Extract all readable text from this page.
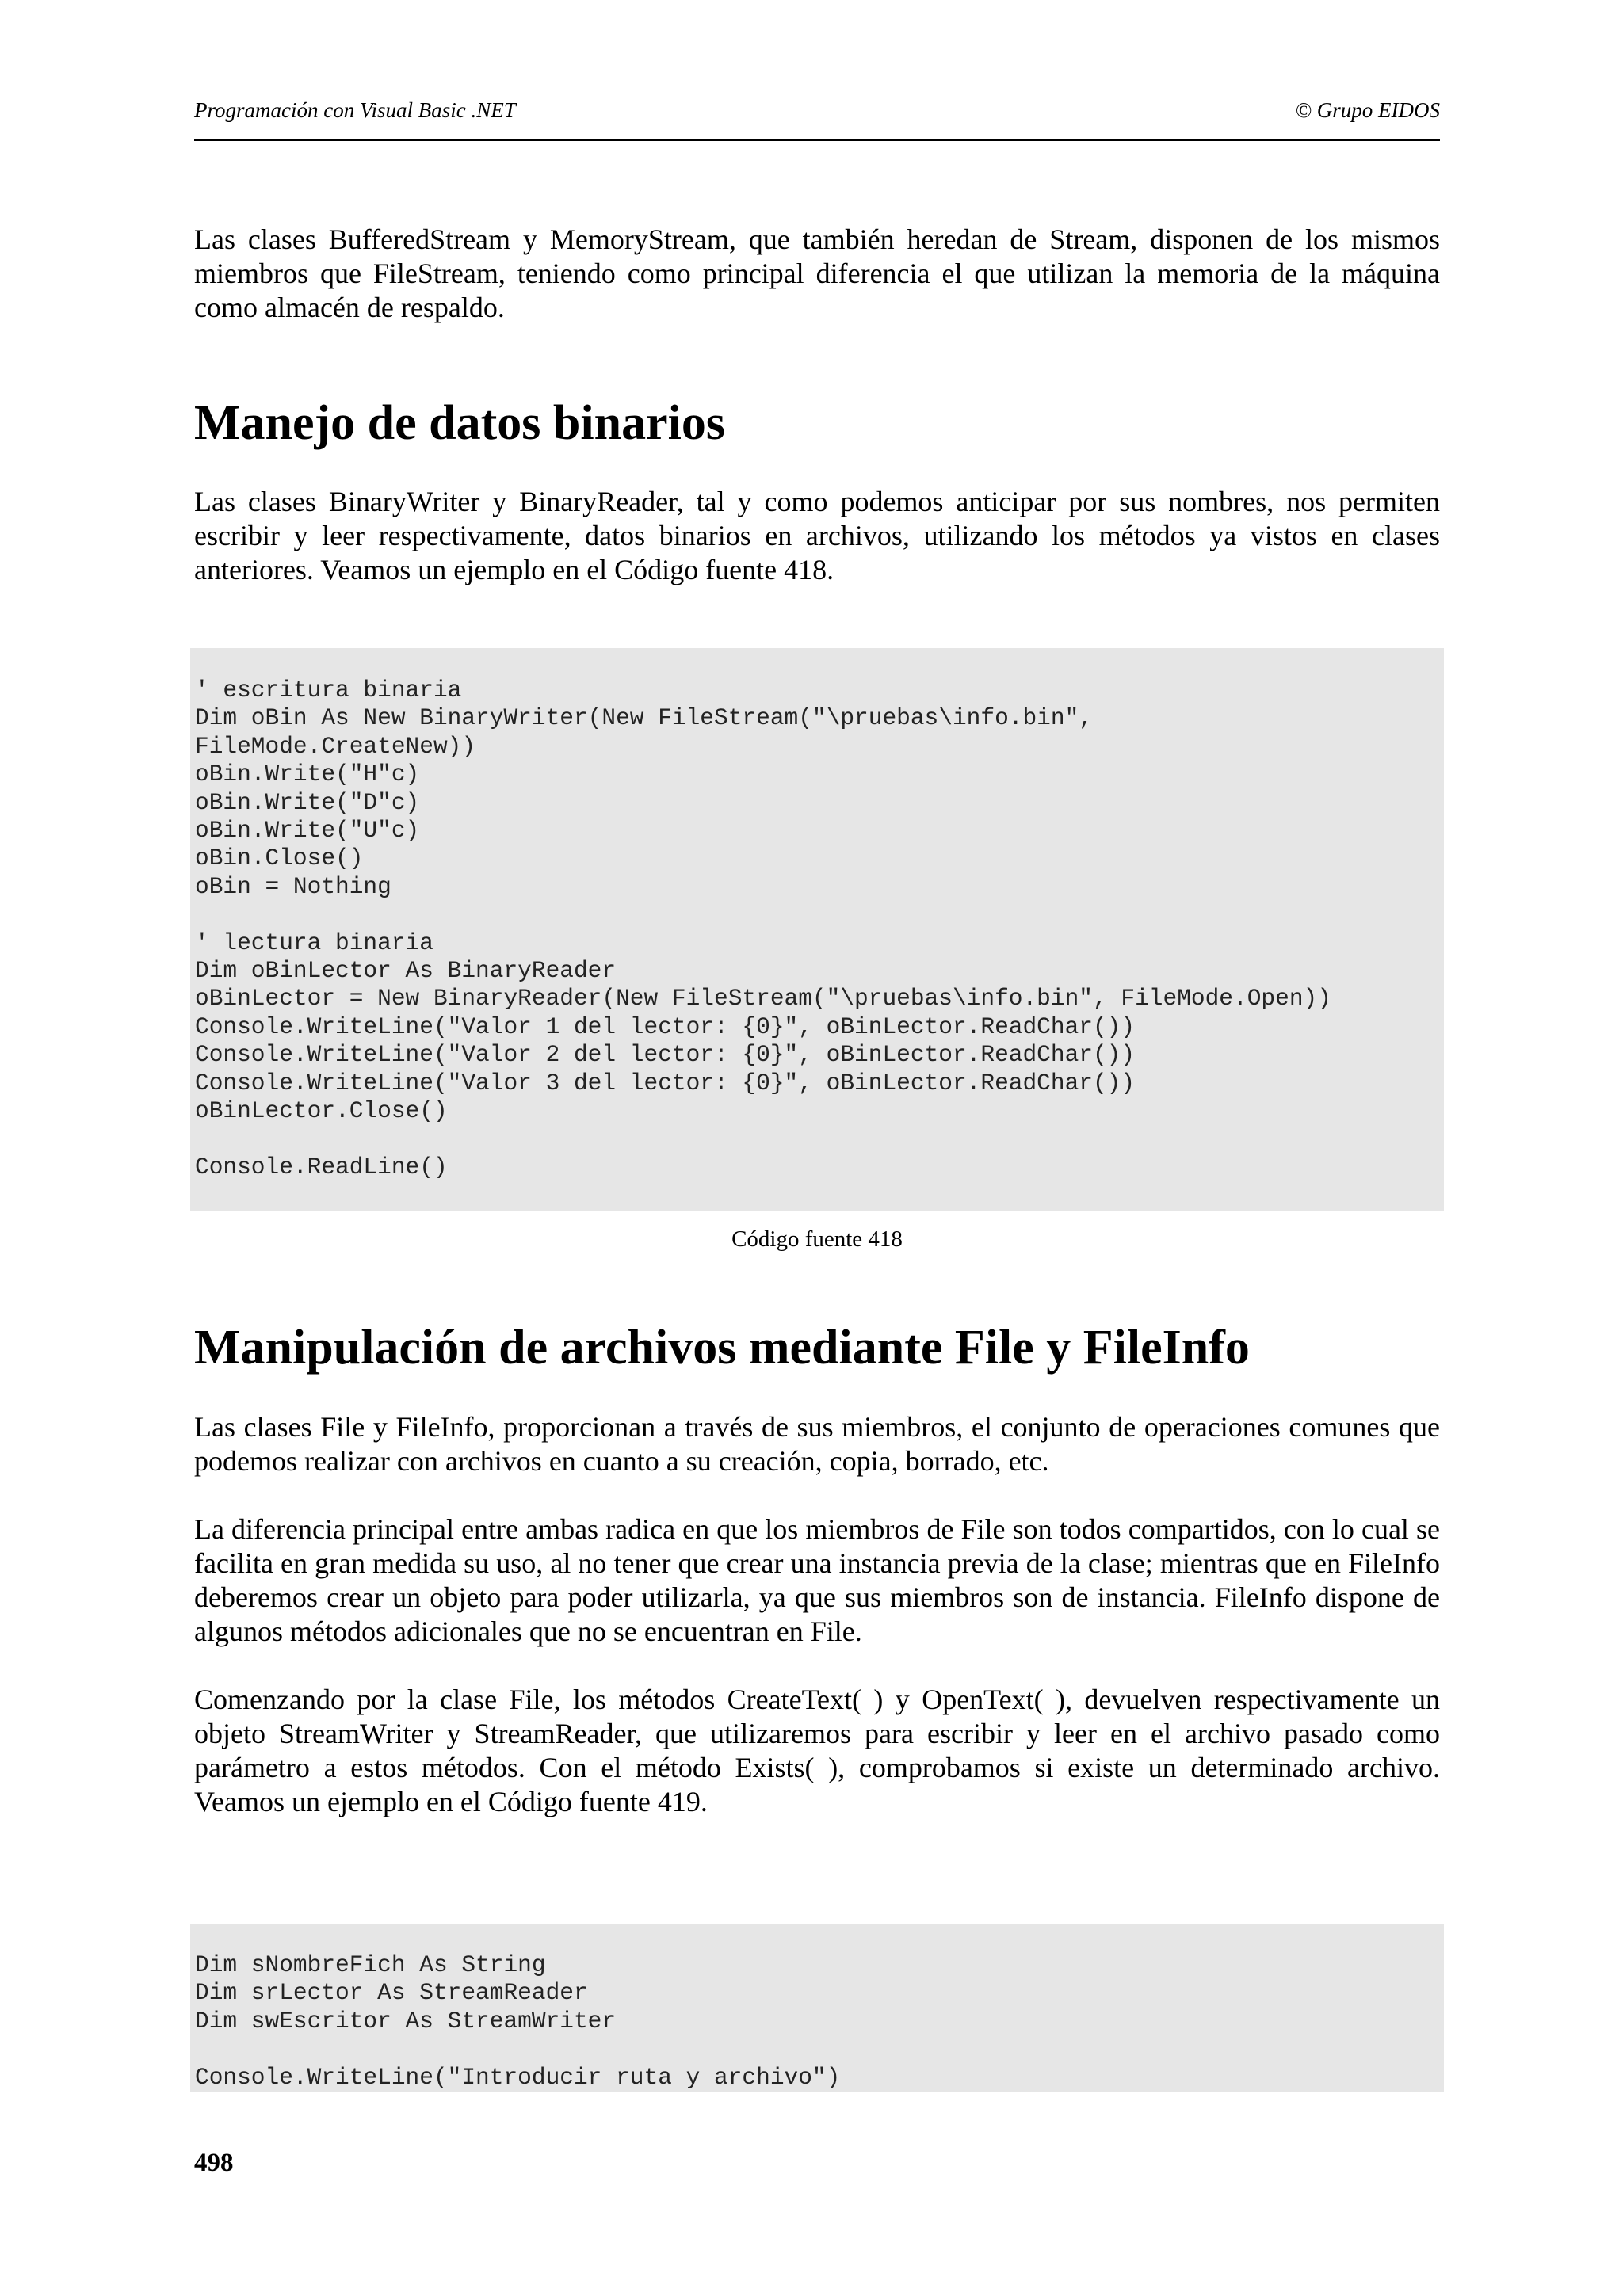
Programación con Visual Basic .NET	© Grupo EIDOS

Las clases BufferedStream y MemoryStream, que también heredan de Stream, disponen de los mismos miembros que FileStream, teniendo como principal diferencia el que utilizan la memoria de la máquina como almacén de respaldo.

Manejo de datos binarios

Las clases BinaryWriter y BinaryReader, tal y como podemos anticipar por sus nombres, nos permiten escribir y leer respectivamente, datos binarios en archivos, utilizando los métodos ya vistos en clases anteriores. Veamos un ejemplo en el Código fuente 418.

' escritura binaria
Dim oBin As New BinaryWriter(New FileStream("\pruebas\info.bin",
FileMode.CreateNew))
oBin.Write("H"c)
oBin.Write("D"c)
oBin.Write("U"c)
oBin.Close()
oBin = Nothing

' lectura binaria
Dim oBinLector As BinaryReader
oBinLector = New BinaryReader(New FileStream("\pruebas\info.bin", FileMode.Open))
Console.WriteLine("Valor 1 del lector: {0}", oBinLector.ReadChar())
Console.WriteLine("Valor 2 del lector: {0}", oBinLector.ReadChar())
Console.WriteLine("Valor 3 del lector: {0}", oBinLector.ReadChar())
oBinLector.Close()

Console.ReadLine()
Código fuente 418
Manipulación de archivos mediante File y FileInfo

Las clases File y FileInfo, proporcionan a través de sus miembros, el conjunto de operaciones comunes que podemos realizar con archivos en cuanto a su creación, copia, borrado, etc.

La diferencia principal entre ambas radica en que los miembros de File son todos compartidos, con lo cual se facilita en gran medida su uso, al no tener que crear una instancia previa de la clase; mientras que en FileInfo deberemos crear un objeto para poder utilizarla, ya que sus miembros son de instancia. FileInfo dispone de algunos métodos adicionales que no se encuentran en File.

Comenzando por la clase File, los métodos CreateText( ) y OpenText( ), devuelven respectivamente un objeto StreamWriter y StreamReader, que utilizaremos para escribir y leer en el archivo pasado como parámetro a estos métodos. Con el método Exists( ), comprobamos si existe un determinado archivo. Veamos un ejemplo en el Código fuente 419.

Dim sNombreFich As String
Dim srLector As StreamReader
Dim swEscritor As StreamWriter

Console.WriteLine("Introducir ruta y archivo")
498
